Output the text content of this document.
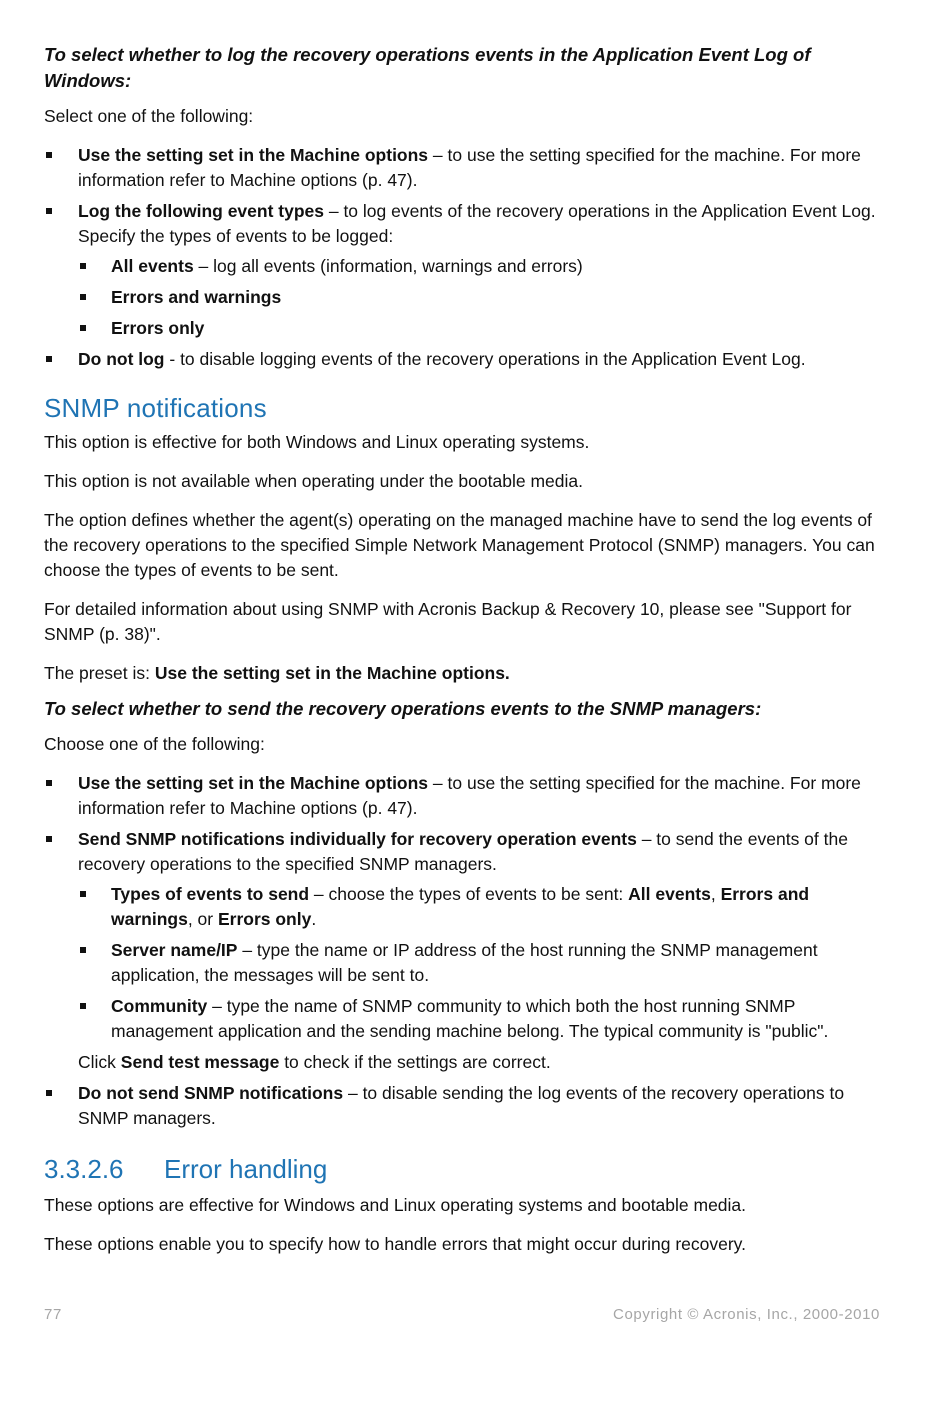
To select whether to log the recovery operations events in the Application Event Log of Windows:

Select one of the following:

Use the setting set in the Machine options – to use the setting specified for the machine. For more information refer to Machine options (p. 47).
Log the following event types – to log events of the recovery operations in the Application Event Log. Specify the types of events to be logged:
All events – log all events (information, warnings and errors)
Errors and warnings
Errors only
Do not log - to disable logging events of the recovery operations in the Application Event Log.
SNMP notifications

This option is effective for both Windows and Linux operating systems.

This option is not available when operating under the bootable media.

The option defines whether the agent(s) operating on the managed machine have to send the log events of the recovery operations to the specified Simple Network Management Protocol (SNMP) managers. You can choose the types of events to be sent.

For detailed information about using SNMP with Acronis Backup & Recovery 10, please see "Support for SNMP (p. 38)".

The preset is: Use the setting set in the Machine options.

To select whether to send the recovery operations events to the SNMP managers:

Choose one of the following:

Use the setting set in the Machine options – to use the setting specified for the machine. For more information refer to Machine options (p. 47).
Send SNMP notifications individually for recovery operation events – to send the events of the recovery operations to the specified SNMP managers.
Types of events to send – choose the types of events to be sent: All events, Errors and warnings, or Errors only.
Server name/IP – type the name or IP address of the host running the SNMP management application, the messages will be sent to.
Community – type the name of SNMP community to which both the host running SNMP management application and the sending machine belong. The typical community is "public".
Click Send test message to check if the settings are correct.
Do not send SNMP notifications – to disable sending the log events of the recovery operations to SNMP managers.
3.3.2.6 Error handling

These options are effective for Windows and Linux operating systems and bootable media.

These options enable you to specify how to handle errors that might occur during recovery.

77	Copyright © Acronis, Inc., 2000-2010
